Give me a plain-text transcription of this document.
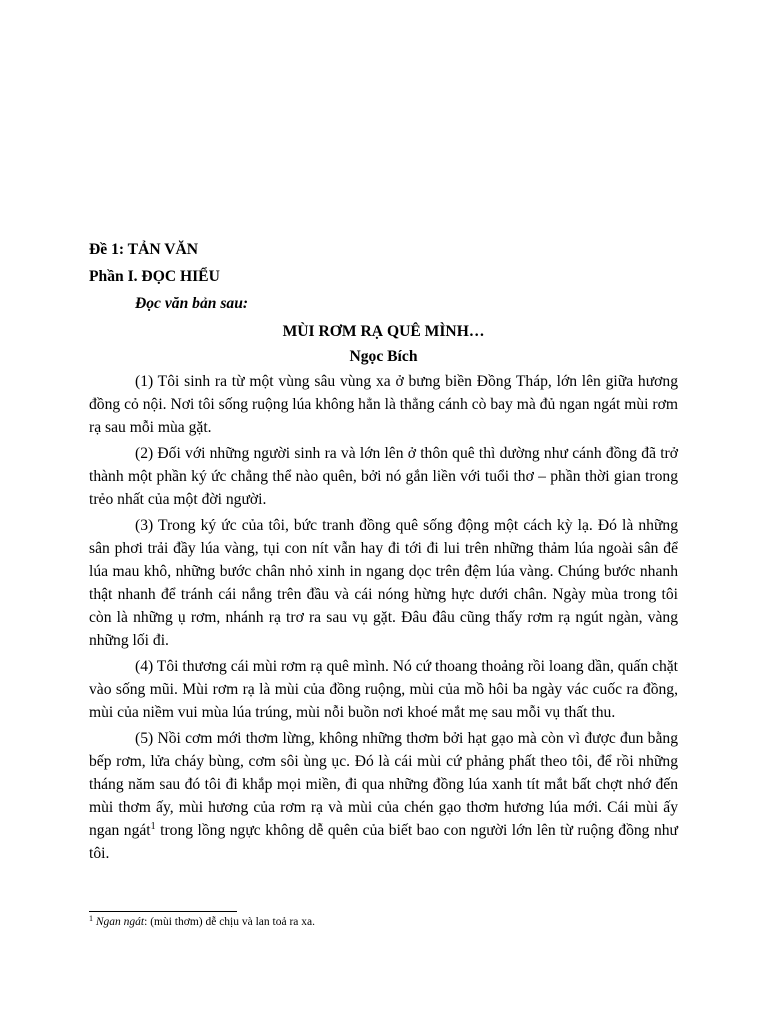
Đề 1: TẢN VĂN

Phần I. ĐỌC HIỂU

Đọc văn bản sau:

MÙI RƠM RẠ QUÊ MÌNH…

Ngọc Bích

(1) Tôi sinh ra từ một vùng sâu vùng xa ở bưng biền Đồng Tháp, lớn lên giữa hương đồng cỏ nội. Nơi tôi sống ruộng lúa không hẳn là thẳng cánh cò bay mà đủ ngan ngát mùi rơm rạ sau mỗi mùa gặt.

(2) Đối với những người sinh ra và lớn lên ở thôn quê thì dường như cánh đồng đã trở thành một phần ký ức chẳng thể nào quên, bởi nó gắn liền với tuổi thơ – phần thời gian trong trẻo nhất của một đời người.

(3) Trong ký ức của tôi, bức tranh đồng quê sống động một cách kỳ lạ. Đó là những sân phơi trải đầy lúa vàng, tụi con nít vẫn hay đi tới đi lui trên những thảm lúa ngoài sân để lúa mau khô, những bước chân nhỏ xinh in ngang dọc trên đệm lúa vàng. Chúng bước nhanh thật nhanh để tránh cái nắng trên đầu và cái nóng hừng hực dưới chân. Ngày mùa trong tôi còn là những ụ rơm, nhánh rạ trơ ra sau vụ gặt. Đâu đâu cũng thấy rơm rạ ngút ngàn, vàng những lối đi.

(4) Tôi thương cái mùi rơm rạ quê mình. Nó cứ thoang thoảng rồi loang dần, quấn chặt vào sống mũi. Mùi rơm rạ là mùi của đồng ruộng, mùi của mồ hôi ba ngày vác cuốc ra đồng, mùi của niềm vui mùa lúa trúng, mùi nỗi buồn nơi khoé mắt mẹ sau mỗi vụ thất thu.

(5) Nồi cơm mới thơm lừng, không những thơm bởi hạt gạo mà còn vì được đun bằng bếp rơm, lửa cháy bùng, cơm sôi ùng ục. Đó là cái mùi cứ phảng phất theo tôi, để rồi những tháng năm sau đó tôi đi khắp mọi miền, đi qua những đồng lúa xanh tít mắt bất chợt nhớ đến mùi thơm ấy, mùi hương của rơm rạ và mùi của chén gạo thơm hương lúa mới. Cái mùi ấy ngan ngát$^1$ trong lồng ngực không dễ quên của biết bao con người lớn lên từ ruộng đồng như tôi.

$^1$ Ngan ngát: (mùi thơm) dễ chịu và lan toả ra xa.
